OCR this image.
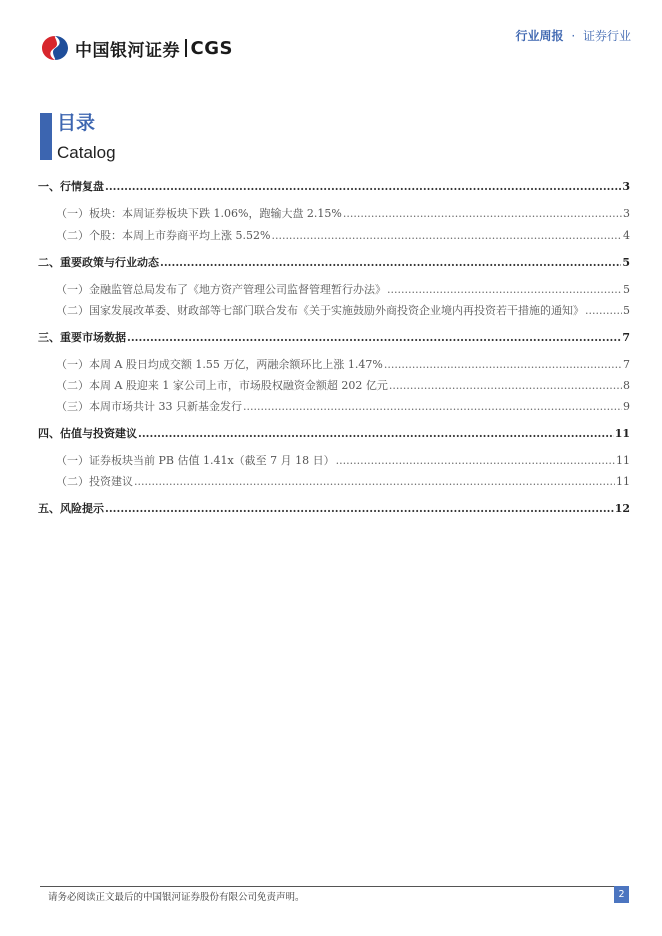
中国银河证券 CGS
行业周报 · 证券行业
目录
Catalog
一、行情复盘 .....	3
（一）板块：本周证券板块下跌 1.06%，跑输大盘 2.15% .....	3
（二）个股：本周上市券商平均上涨 5.52% .....	4
二、重要政策与行业动态 .....	5
（一）金融监管总局发布了《地方资产管理公司监督管理暂行办法》 .....	5
（二）国家发展改革委、财政部等七部门联合发布《关于实施鼓励外商投资企业境内再投资若干措施的通知》 .....	5
三、重要市场数据 .....	7
（一）本周 A 股日均成交额 1.55 万亿，两融余额环比上涨 1.47% .....	7
（二）本周 A 股迎来 1 家公司上市，市场股权融资金额超 202 亿元 .....	8
（三）本周市场共计 33 只新基金发行 .....	9
四、估值与投资建议 .....	11
（一）证券板块当前 PB 估值 1.41x（截至 7 月 18 日） .....	11
（二）投资建议 .....	11
五、风险提示 .....	12
请务必阅读正文最后的中国银河证券股份有限公司免责声明。	2
